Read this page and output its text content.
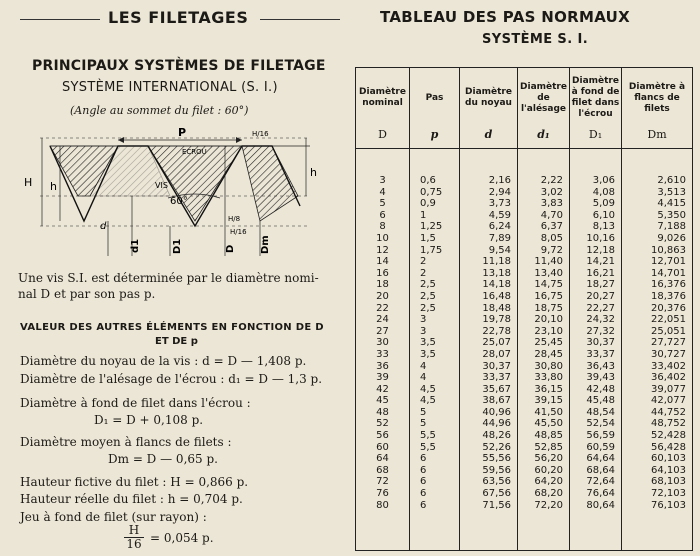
LES FILETAGES
PRINCIPAUX SYSTÈMES DE FILETAGE
SYSTÈME INTERNATIONAL (S. I.)
(Angle au sommet du filet : 60°)
P
ECROU
VIS
60°
H h
h
H/16
H/8
H/16
d
d1	D1	D Dm
Une vis S.I. est déterminée par le diamètre nomi-
nal D et par son pas p.
VALEUR DES AUTRES ÉLÉMENTS EN FONCTION DE D
ET DE p
Diamètre du noyau de la vis : d = D — 1,408 p.
Diamètre de l'alésage de l'écrou : d₁ = D — 1,3 p.
Diamètre à fond de filet dans l'écrou :
D₁ = D + 0,108 p.
Diamètre moyen à flancs de filets :
Dm = D — 0,65 p.
Hauteur fictive du filet : H = 0,866 p.
Hauteur réelle du filet : h = 0,704 p.
Jeu à fond de filet (sur rayon) :
$\frac{H}{16} = 0,054$ p.
TABLEAU DES PAS NORMAUX
SYSTÈME S. I.
Diamètre nominal	Pas	Diamètre du noyau	Diamètre de l'alésage	Diamètre à fond de filet dans l'écrou	Diamètre à flancs de filets
D	p	d	d₁	D₁	Dm

3	0,6	2,16	2,22	3,06	2,610
4	0,75	2,94	3,02	4,08	3,513
5	0,9	3,73	3,83	5,09	4,415
6	1	4,59	4,70	6,10	5,350
8	1,25	6,24	6,37	8,13	7,188
10	1,5	7,89	8,05	10,16	9,026
12	1,75	9,54	9,72	12,18	10,863
14	2	11,18	11,40	14,21	12,701
16	2	13,18	13,40	16,21	14,701
18	2,5	14,18	14,75	18,27	16,376
20	2,5	16,48	16,75	20,27	18,376
22	2,5	18,48	18,75	22,27	20,376
24	3	19,78	20,10	24,32	22,051
27	3	22,78	23,10	27,32	25,051
30	3,5	25,07	25,45	30,37	27,727
33	3,5	28,07	28,45	33,37	30,727
36	4	30,37	30,80	36,43	33,402
39	4	33,37	33,80	39,43	36,402
42	4,5	35,67	36,15	42,48	39,077
45	4,5	38,67	39,15	45,48	42,077
48	5	40,96	41,50	48,54	44,752
52	5	44,96	45,50	52,54	48,752
56	5,5	48,26	48,85	56,59	52,428
60	5,5	52,26	52,85	60,59	56,428
64	6	55,56	56,20	64,64	60,103
68	6	59,56	60,20	68,64	64,103
72	6	63,56	64,20	72,64	68,103
76	6	67,56	68,20	76,64	72,103
80	6	71,56	72,20	80,64	76,103
